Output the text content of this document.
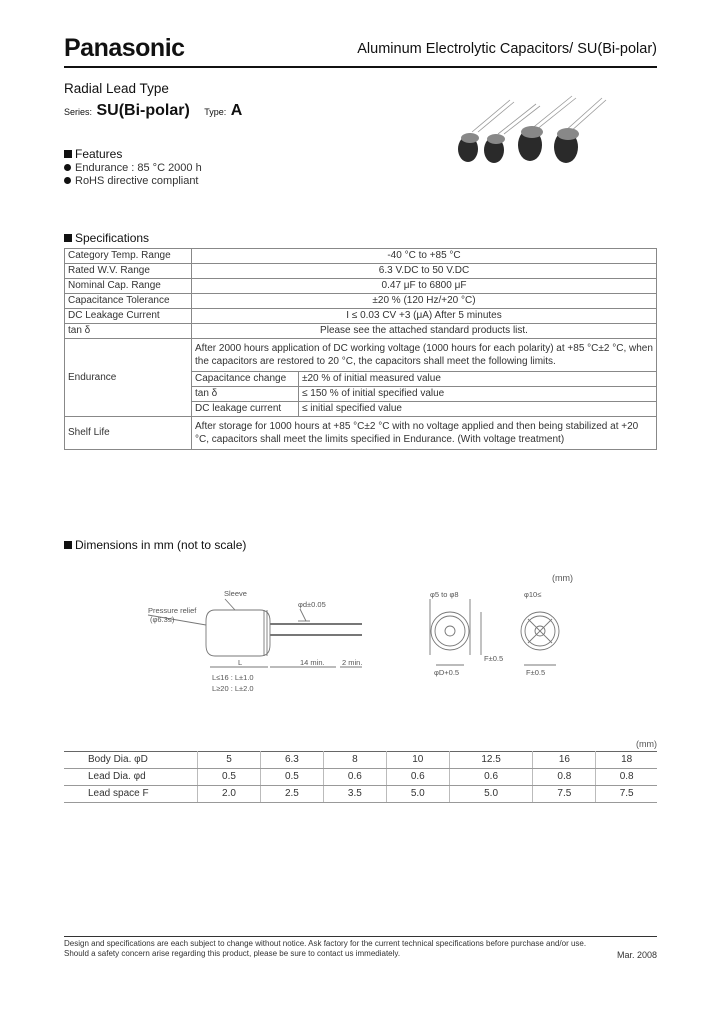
Panasonic	Aluminum Electrolytic Capacitors/ SU(Bi-polar)
Radial Lead Type
Series: SU(Bi-polar) Type: A
Features
Endurance : 85 °C 2000 h
RoHS directive compliant
Specifications
Category Temp. Range	-40 °C to +85 °C	
Rated W.V. Range	6.3 V.DC to 50 V.DC	
Nominal Cap. Range	0.47 μF to 6800 μF	
Capacitance Tolerance	±20 % (120 Hz/+20 °C)	
DC Leakage Current	I ≤ 0.03 CV +3 (μA) After 5 minutes	
tan δ	Please see the attached standard products list.	
Endurance	After 2000 hours application of DC working voltage (1000 hours for each polarity) at +85 °C±2 °C, when the capacitors are restored to 20 °C, the capacitors shall meet the following limits.	
	Capacitance change	±20 % of initial measured value
	tan δ	≤ 150 % of initial specified value
	DC leakage current	≤ initial specified value
Shelf Life	After storage for 1000 hours at +85 °C±2 °C with no voltage applied and then being stabilized at +20 °C, capacitors shall meet the limits specified in Endurance. (With voltage treatment)	
Dimensions in mm (not to scale)
(mm)
Sleeve
Pressure relief
(φ6.3≤)
φd±0.05
L	14 min. 2 min.
L≤16 : L±1.0
L≥20 : L±2.0
φ5 to φ8	φ10≤
φD+0.5
F±0.5
F±0.5
(mm)
Body Dia. φD	5	6.3	8	10	12.5	16	18
Lead Dia. φd	0.5	0.5	0.6	0.6	0.6	0.8	0.8
Lead space F	2.0	2.5	3.5	5.0	5.0	7.5	7.5
Design and specifications are each subject to change without notice. Ask factory for the current technical specifications before purchase and/or use.
Should a safety concern arise regarding this product, please be sure to contact us immediately.	Mar. 2008
